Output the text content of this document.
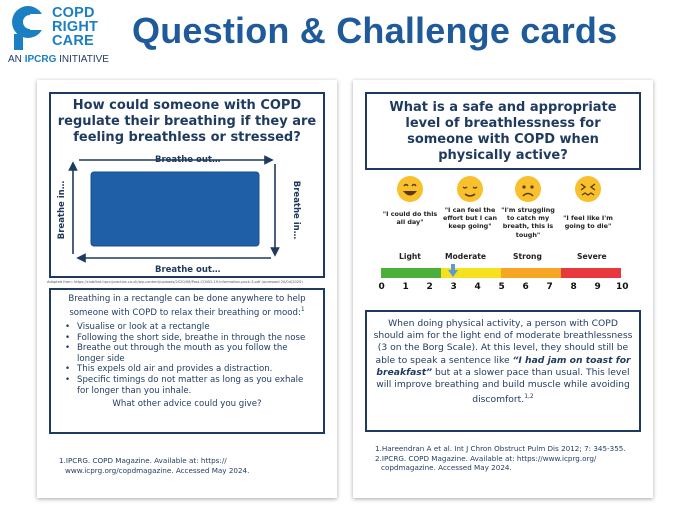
COPD
RIGHT
CARE
AN IPCRG INITIATIVE
Question & Challenge cards
How could someone with COPD regulate their breathing if they are feeling breathless or stressed?
Breathe out…
Breathe out…
Breathe in…	Breathe in…
Adapted from: https://clubfirst.hpcc/practice.co.uk/wp-content/uploads/2020/06/Post-COVID-19-information-pack-3.pdf (accessed 20/04/2020)
Breathing in a rectangle can be done anywhere to help someone with COPD to relax their breathing or mood:$^1$
• Visualise or look at a rectangle
• Following the short side, breathe in through the nose
• Breathe out through the mouth as you follow the longer side
• This expels old air and provides a distraction.
• Specific timings do not matter as long as you exhale for longer than you inhale.
What other advice could you give?
1.IPCRG. COPD Magazine. Available at: https://
www.icprg.org/copdmagazine. Accessed May 2024.
What is a safe and appropriate level of breathlessness for someone with COPD when physically active?
"I could do this all day"
"I can feel the effort but I can keep going"
"I'm struggling to catch my breath, this is tough"
"I feel like I'm going to die"
Light	Moderate	Strong	Severe
0 1 2 3 4 5 6 7 8 9 10
When doing physical activity, a person with COPD should aim for the light end of moderate breathlessness (3 on the Borg Scale). At this level, they should still be able to speak a sentence like “I had jam on toast for breakfast” but at a slower pace than usual. This level will improve breathing and build muscle while avoiding discomfort.$^{1,2}$
1.Hareendran A et al. Int J Chron Obstruct Pulm Dis 2012; 7: 345-355.
2.IPCRG. COPD Magazine. Available at: https://www.icprg.org/
copdmagazine. Accessed May 2024.
